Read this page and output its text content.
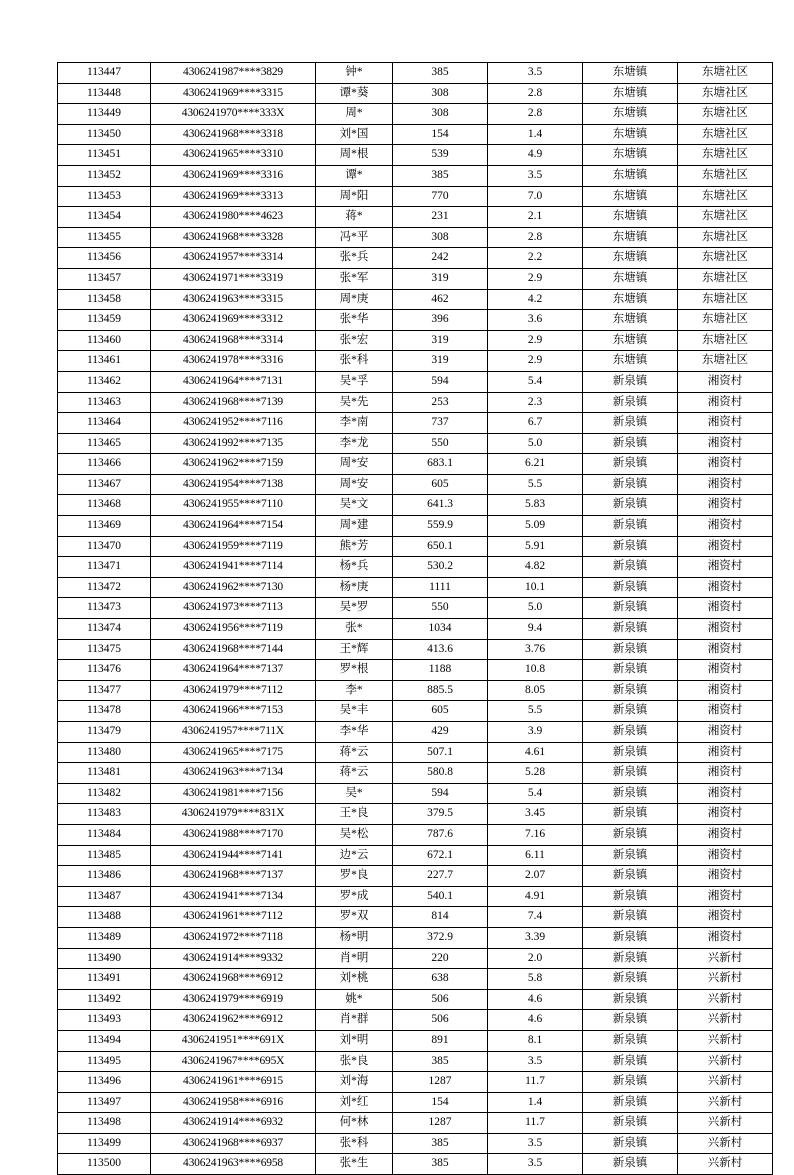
113447	4306241987****3829	钟*	385	3.5	东塘镇	东塘社区
113448	4306241969****3315	谭*葵	308	2.8	东塘镇	东塘社区
113449	4306241970****333X	周*	308	2.8	东塘镇	东塘社区
113450	4306241968****3318	刘*国	154	1.4	东塘镇	东塘社区
113451	4306241965****3310	周*根	539	4.9	东塘镇	东塘社区
113452	4306241969****3316	谭*	385	3.5	东塘镇	东塘社区
113453	4306241969****3313	周*阳	770	7.0	东塘镇	东塘社区
113454	4306241980****4623	蒋*	231	2.1	东塘镇	东塘社区
113455	4306241968****3328	冯*平	308	2.8	东塘镇	东塘社区
113456	4306241957****3314	张*兵	242	2.2	东塘镇	东塘社区
113457	4306241971****3319	张*军	319	2.9	东塘镇	东塘社区
113458	4306241963****3315	周*庚	462	4.2	东塘镇	东塘社区
113459	4306241969****3312	张*华	396	3.6	东塘镇	东塘社区
113460	4306241968****3314	张*宏	319	2.9	东塘镇	东塘社区
113461	4306241978****3316	张*科	319	2.9	东塘镇	东塘社区
113462	4306241964****7131	吴*孚	594	5.4	新泉镇	湘资村
113463	4306241968****7139	吴*先	253	2.3	新泉镇	湘资村
113464	4306241952****7116	李*南	737	6.7	新泉镇	湘资村
113465	4306241992****7135	李*龙	550	5.0	新泉镇	湘资村
113466	4306241962****7159	周*安	683.1	6.21	新泉镇	湘资村
113467	4306241954****7138	周*安	605	5.5	新泉镇	湘资村
113468	4306241955****7110	吴*文	641.3	5.83	新泉镇	湘资村
113469	4306241964****7154	周*建	559.9	5.09	新泉镇	湘资村
113470	4306241959****7119	熊*芳	650.1	5.91	新泉镇	湘资村
113471	4306241941****7114	杨*兵	530.2	4.82	新泉镇	湘资村
113472	4306241962****7130	杨*庚	1111	10.1	新泉镇	湘资村
113473	4306241973****7113	吴*罗	550	5.0	新泉镇	湘资村
113474	4306241956****7119	张*	1034	9.4	新泉镇	湘资村
113475	4306241968****7144	王*辉	413.6	3.76	新泉镇	湘资村
113476	4306241964****7137	罗*根	1188	10.8	新泉镇	湘资村
113477	4306241979****7112	李*	885.5	8.05	新泉镇	湘资村
113478	4306241966****7153	吴*丰	605	5.5	新泉镇	湘资村
113479	4306241957****711X	李*华	429	3.9	新泉镇	湘资村
113480	4306241965****7175	蒋*云	507.1	4.61	新泉镇	湘资村
113481	4306241963****7134	蒋*云	580.8	5.28	新泉镇	湘资村
113482	4306241981****7156	吴*	594	5.4	新泉镇	湘资村
113483	4306241979****831X	王*良	379.5	3.45	新泉镇	湘资村
113484	4306241988****7170	吴*松	787.6	7.16	新泉镇	湘资村
113485	4306241944****7141	边*云	672.1	6.11	新泉镇	湘资村
113486	4306241968****7137	罗*良	227.7	2.07	新泉镇	湘资村
113487	4306241941****7134	罗*成	540.1	4.91	新泉镇	湘资村
113488	4306241961****7112	罗*双	814	7.4	新泉镇	湘资村
113489	4306241972****7118	杨*明	372.9	3.39	新泉镇	湘资村
113490	4306241914****9332	肖*明	220	2.0	新泉镇	兴新村
113491	4306241968****6912	刘*桃	638	5.8	新泉镇	兴新村
113492	4306241979****6919	姚*	506	4.6	新泉镇	兴新村
113493	4306241962****6912	肖*群	506	4.6	新泉镇	兴新村
113494	4306241951****691X	刘*明	891	8.1	新泉镇	兴新村
113495	4306241967****695X	张*良	385	3.5	新泉镇	兴新村
113496	4306241961****6915	刘*海	1287	11.7	新泉镇	兴新村
113497	4306241958****6916	刘*红	154	1.4	新泉镇	兴新村
113498	4306241914****6932	何*林	1287	11.7	新泉镇	兴新村
113499	4306241968****6937	张*科	385	3.5	新泉镇	兴新村
113500	4306241963****6958	张*生	385	3.5	新泉镇	兴新村
